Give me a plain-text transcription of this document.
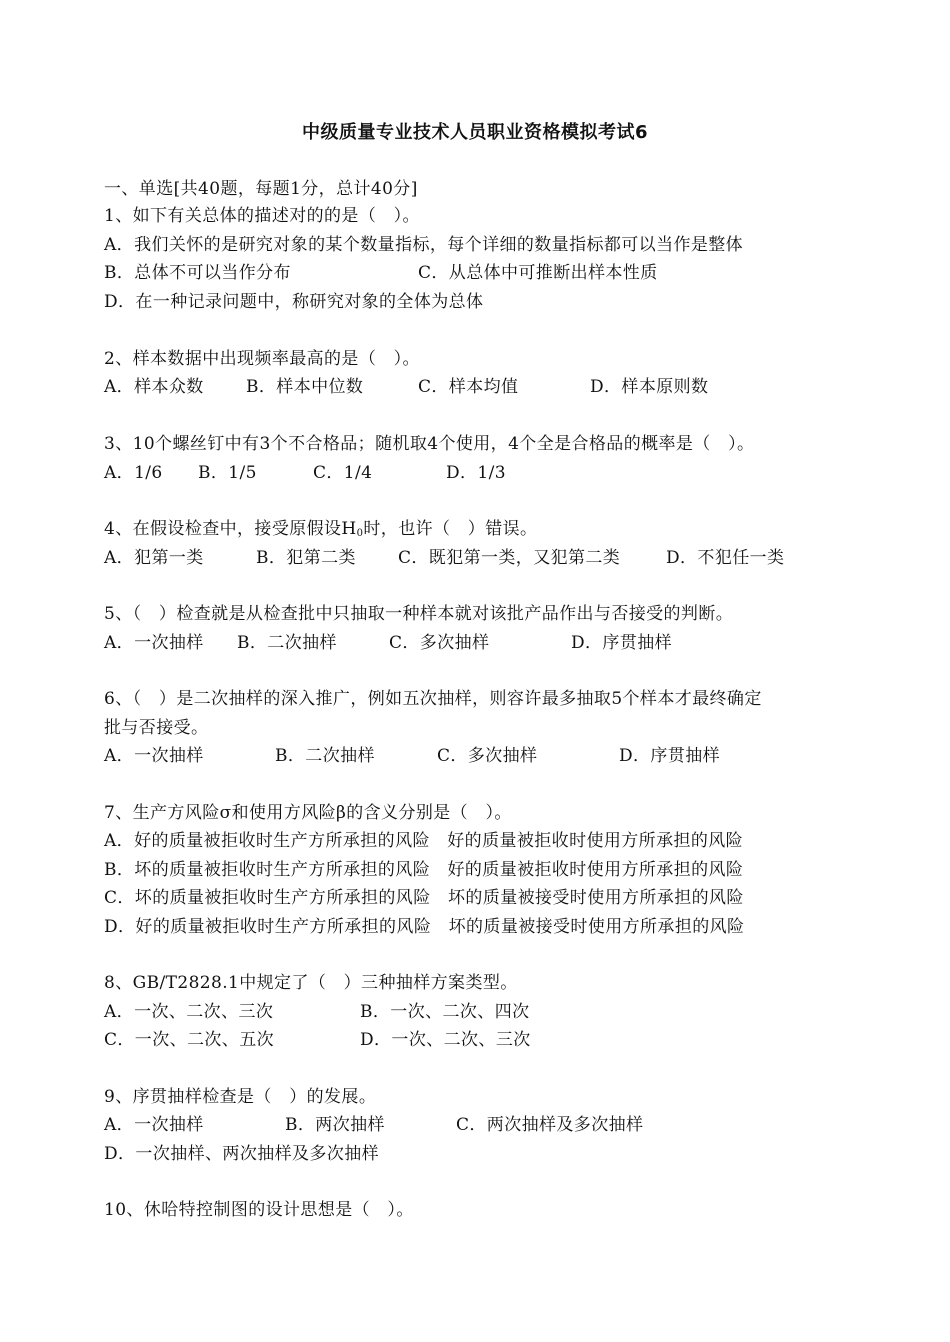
中级质量专业技术人员职业资格模拟考试6
一、单选[共40题，每题1分，总计40分]
1、如下有关总体的描述对的的是（　）。
A．我们关怀的是研究对象的某个数量指标，每个详细的数量指标都可以当作是整体
B．总体不可以当作分布	C．从总体中可推断出样本性质
D．在一种记录问题中，称研究对象的全体为总体
2、样本数据中出现频率最高的是（　）。
A．样本众数 B．样本中位数	C．样本均值	D．样本原则数
3、10个螺丝钉中有3个不合格品；随机取4个使用，4个全是合格品的概率是（　）。
A．1/6 B．1/5	C．1/4	D．1/3
4、在假设检查中，接受原假设$H_0$时，也许（　）错误。
A．犯第一类	B．犯第二类 C．既犯第一类，又犯第二类	D．不犯任一类
5、（　）检查就是从检查批中只抽取一种样本就对该批产品作出与否接受的判断。
A．一次抽样 B．二次抽样	C．多次抽样	D．序贯抽样
6、（　）是二次抽样的深入推广，例如五次抽样，则容许最多抽取5个样本才最终确定
批与否接受。
A．一次抽样	B．二次抽样	C．多次抽样	D．序贯抽样
7、生产方风险σ和使用方风险β的含义分别是（　）。
A．好的质量被拒收时生产方所承担的风险　好的质量被拒收时使用方所承担的风险
B．坏的质量被拒收时生产方所承担的风险　好的质量被拒收时使用方所承担的风险
C．坏的质量被拒收时生产方所承担的风险　坏的质量被接受时使用方所承担的风险
D．好的质量被拒收时生产方所承担的风险　坏的质量被接受时使用方所承担的风险
8、GB/T2828.1中规定了（　）三种抽样方案类型。
A．一次、二次、三次	B．一次、二次、四次
C．一次、二次、五次	D．一次、二次、三次
9、序贯抽样检查是（　）的发展。
A．一次抽样	B．两次抽样	C．两次抽样及多次抽样
D．一次抽样、两次抽样及多次抽样
10、休哈特控制图的设计思想是（　）。
